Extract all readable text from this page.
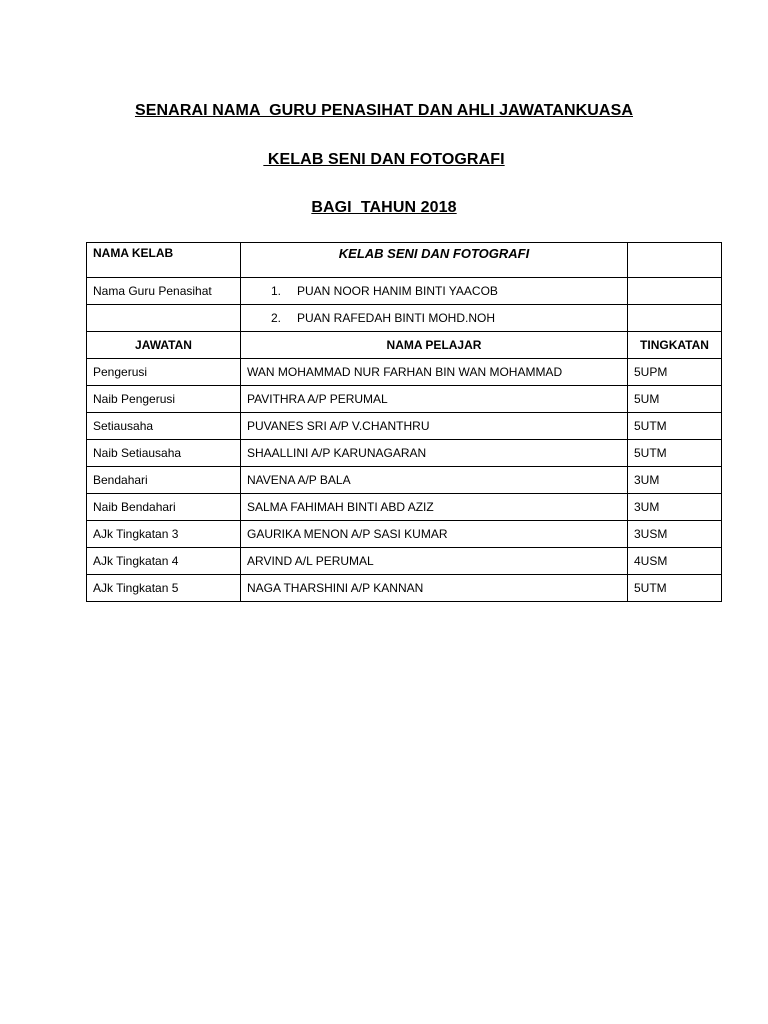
SENARAI NAMA  GURU PENASIHAT DAN AHLI JAWATANKUASA
KELAB SENI DAN FOTOGRAFI
BAGI  TAHUN 2018
NAMA KELAB	KELAB SENI DAN FOTOGRAFI	
Nama Guru Penasihat	1. PUAN NOOR HANIM BINTI YAACOB	
	2. PUAN RAFEDAH BINTI MOHD.NOH	
JAWATAN	NAMA PELAJAR	TINGKATAN
Pengerusi	WAN MOHAMMAD NUR FARHAN BIN WAN MOHAMMAD	5UPM
Naib Pengerusi	PAVITHRA A/P PERUMAL	5UM
Setiausaha	PUVANES SRI A/P V.CHANTHRU	5UTM
Naib Setiausaha	SHAALLINI A/P KARUNAGARAN	5UTM
Bendahari	NAVENA A/P BALA	3UM
Naib Bendahari	SALMA FAHIMAH BINTI ABD AZIZ	3UM
AJk Tingkatan 3	GAURIKA MENON A/P SASI KUMAR	3USM
AJk Tingkatan 4	ARVIND A/L PERUMAL	4USM
AJk Tingkatan 5	NAGA THARSHINI A/P KANNAN	5UTM
